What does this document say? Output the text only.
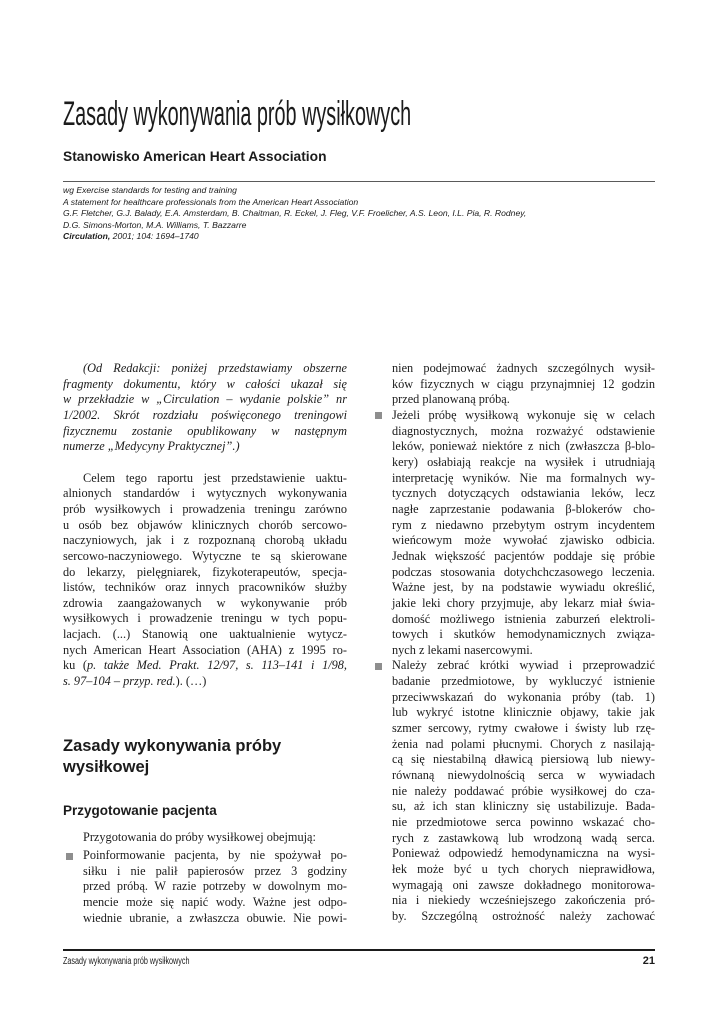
Zasady wykonywania prób wysiłkowych
Stanowisko American Heart Association
wg Exercise standards for testing and training
A statement for healthcare professionals from the American Heart Association
G.F. Fletcher, G.J. Balady, E.A. Amsterdam, B. Chaitman, R. Eckel, J. Fleg, V.F. Froelicher, A.S. Leon, I.L. Pia, R. Rodney,
D.G. Simons-Morton, M.A. Williams, T. Bazzarre
Circulation, 2001; 104: 1694–1740
(Od Redakcji: poniżej przedstawiamy obszerne
fragmenty dokumentu, który w całości ukazał się
w przekładzie w „Circulation – wydanie polskie” nr
1/2002. Skrót rozdziału poświęconego treningowi
fizycznemu zostanie opublikowany w następnym
numerze „Medycyny Praktycznej”.)
Celem tego raportu jest przedstawienie uaktu-
alnionych standardów i wytycznych wykonywania
prób wysiłkowych i prowadzenia treningu zarówno
u osób bez objawów klinicznych chorób sercowo-
naczyniowych, jak i z rozpoznaną chorobą układu
sercowo-naczyniowego. Wytyczne te są skierowane
do lekarzy, pielęgniarek, fizykoterapeutów, specja-
listów, techników oraz innych pracowników służby
zdrowia zaangażowanych w wykonywanie prób
wysiłkowych i prowadzenie treningu w tych popu-
lacjach. (...) Stanowią one uaktualnienie wytycz-
nych American Heart Association (AHA) z 1995 ro-
ku (p. także Med. Prakt. 12/97, s. 113–141 i 1/98,
s. 97–104 – przyp. red.). (…)
Zasady wykonywania próby
wysiłkowej
Przygotowanie pacjenta
Przygotowania do próby wysiłkowej obejmują:
Poinformowanie pacjenta, by nie spożywał po-
siłku i nie palił papierosów przez 3 godziny
przed próbą. W razie potrzeby w dowolnym mo-
mencie może się napić wody. Ważne jest odpo-
wiednie ubranie, a zwłaszcza obuwie. Nie powi-
nien podejmować żadnych szczególnych wysił-
ków fizycznych w ciągu przynajmniej 12 godzin
przed planowaną próbą.
Jeżeli próbę wysiłkową wykonuje się w celach
diagnostycznych, można rozważyć odstawienie
leków, ponieważ niektóre z nich (zwłaszcza β-blo-
kery) osłabiają reakcje na wysiłek i utrudniają
interpretację wyników. Nie ma formalnych wy-
tycznych dotyczących odstawiania leków, lecz
nagłe zaprzestanie podawania β-blokerów cho-
rym z niedawno przebytym ostrym incydentem
wieńcowym może wywołać zjawisko odbicia.
Jednak większość pacjentów poddaje się próbie
podczas stosowania dotychchczasowego leczenia.
Ważne jest, by na podstawie wywiadu określić,
jakie leki chory przyjmuje, aby lekarz miał świa-
domość możliwego istnienia zaburzeń elektroli-
towych i skutków hemodynamicznych związa-
nych z lekami nasercowymi.
Należy zebrać krótki wywiad i przeprowadzić
badanie przedmiotowe, by wykluczyć istnienie
przeciwwskazań do wykonania próby (tab. 1)
lub wykryć istotne klinicznie objawy, takie jak
szmer sercowy, rytmy cwałowe i świsty lub rzę-
żenia nad polami płucnymi. Chorych z nasilają-
cą się niestabilną dławicą piersiową lub niewy-
równaną niewydolnością serca w wywiadach
nie należy poddawać próbie wysiłkowej do cza-
su, aż ich stan kliniczny się ustabilizuje. Bada-
nie przedmiotowe serca powinno wskazać cho-
rych z zastawkową lub wrodzoną wadą serca.
Ponieważ odpowiedź hemodynamiczna na wysi-
łek może być u tych chorych nieprawidłowa,
wymagają oni zawsze dokładnego monitorowa-
nia i niekiedy wcześniejszego zakończenia pró-
by. Szczególną ostrożność należy zachować
Zasady wykonywania prób wysiłkowych	21
